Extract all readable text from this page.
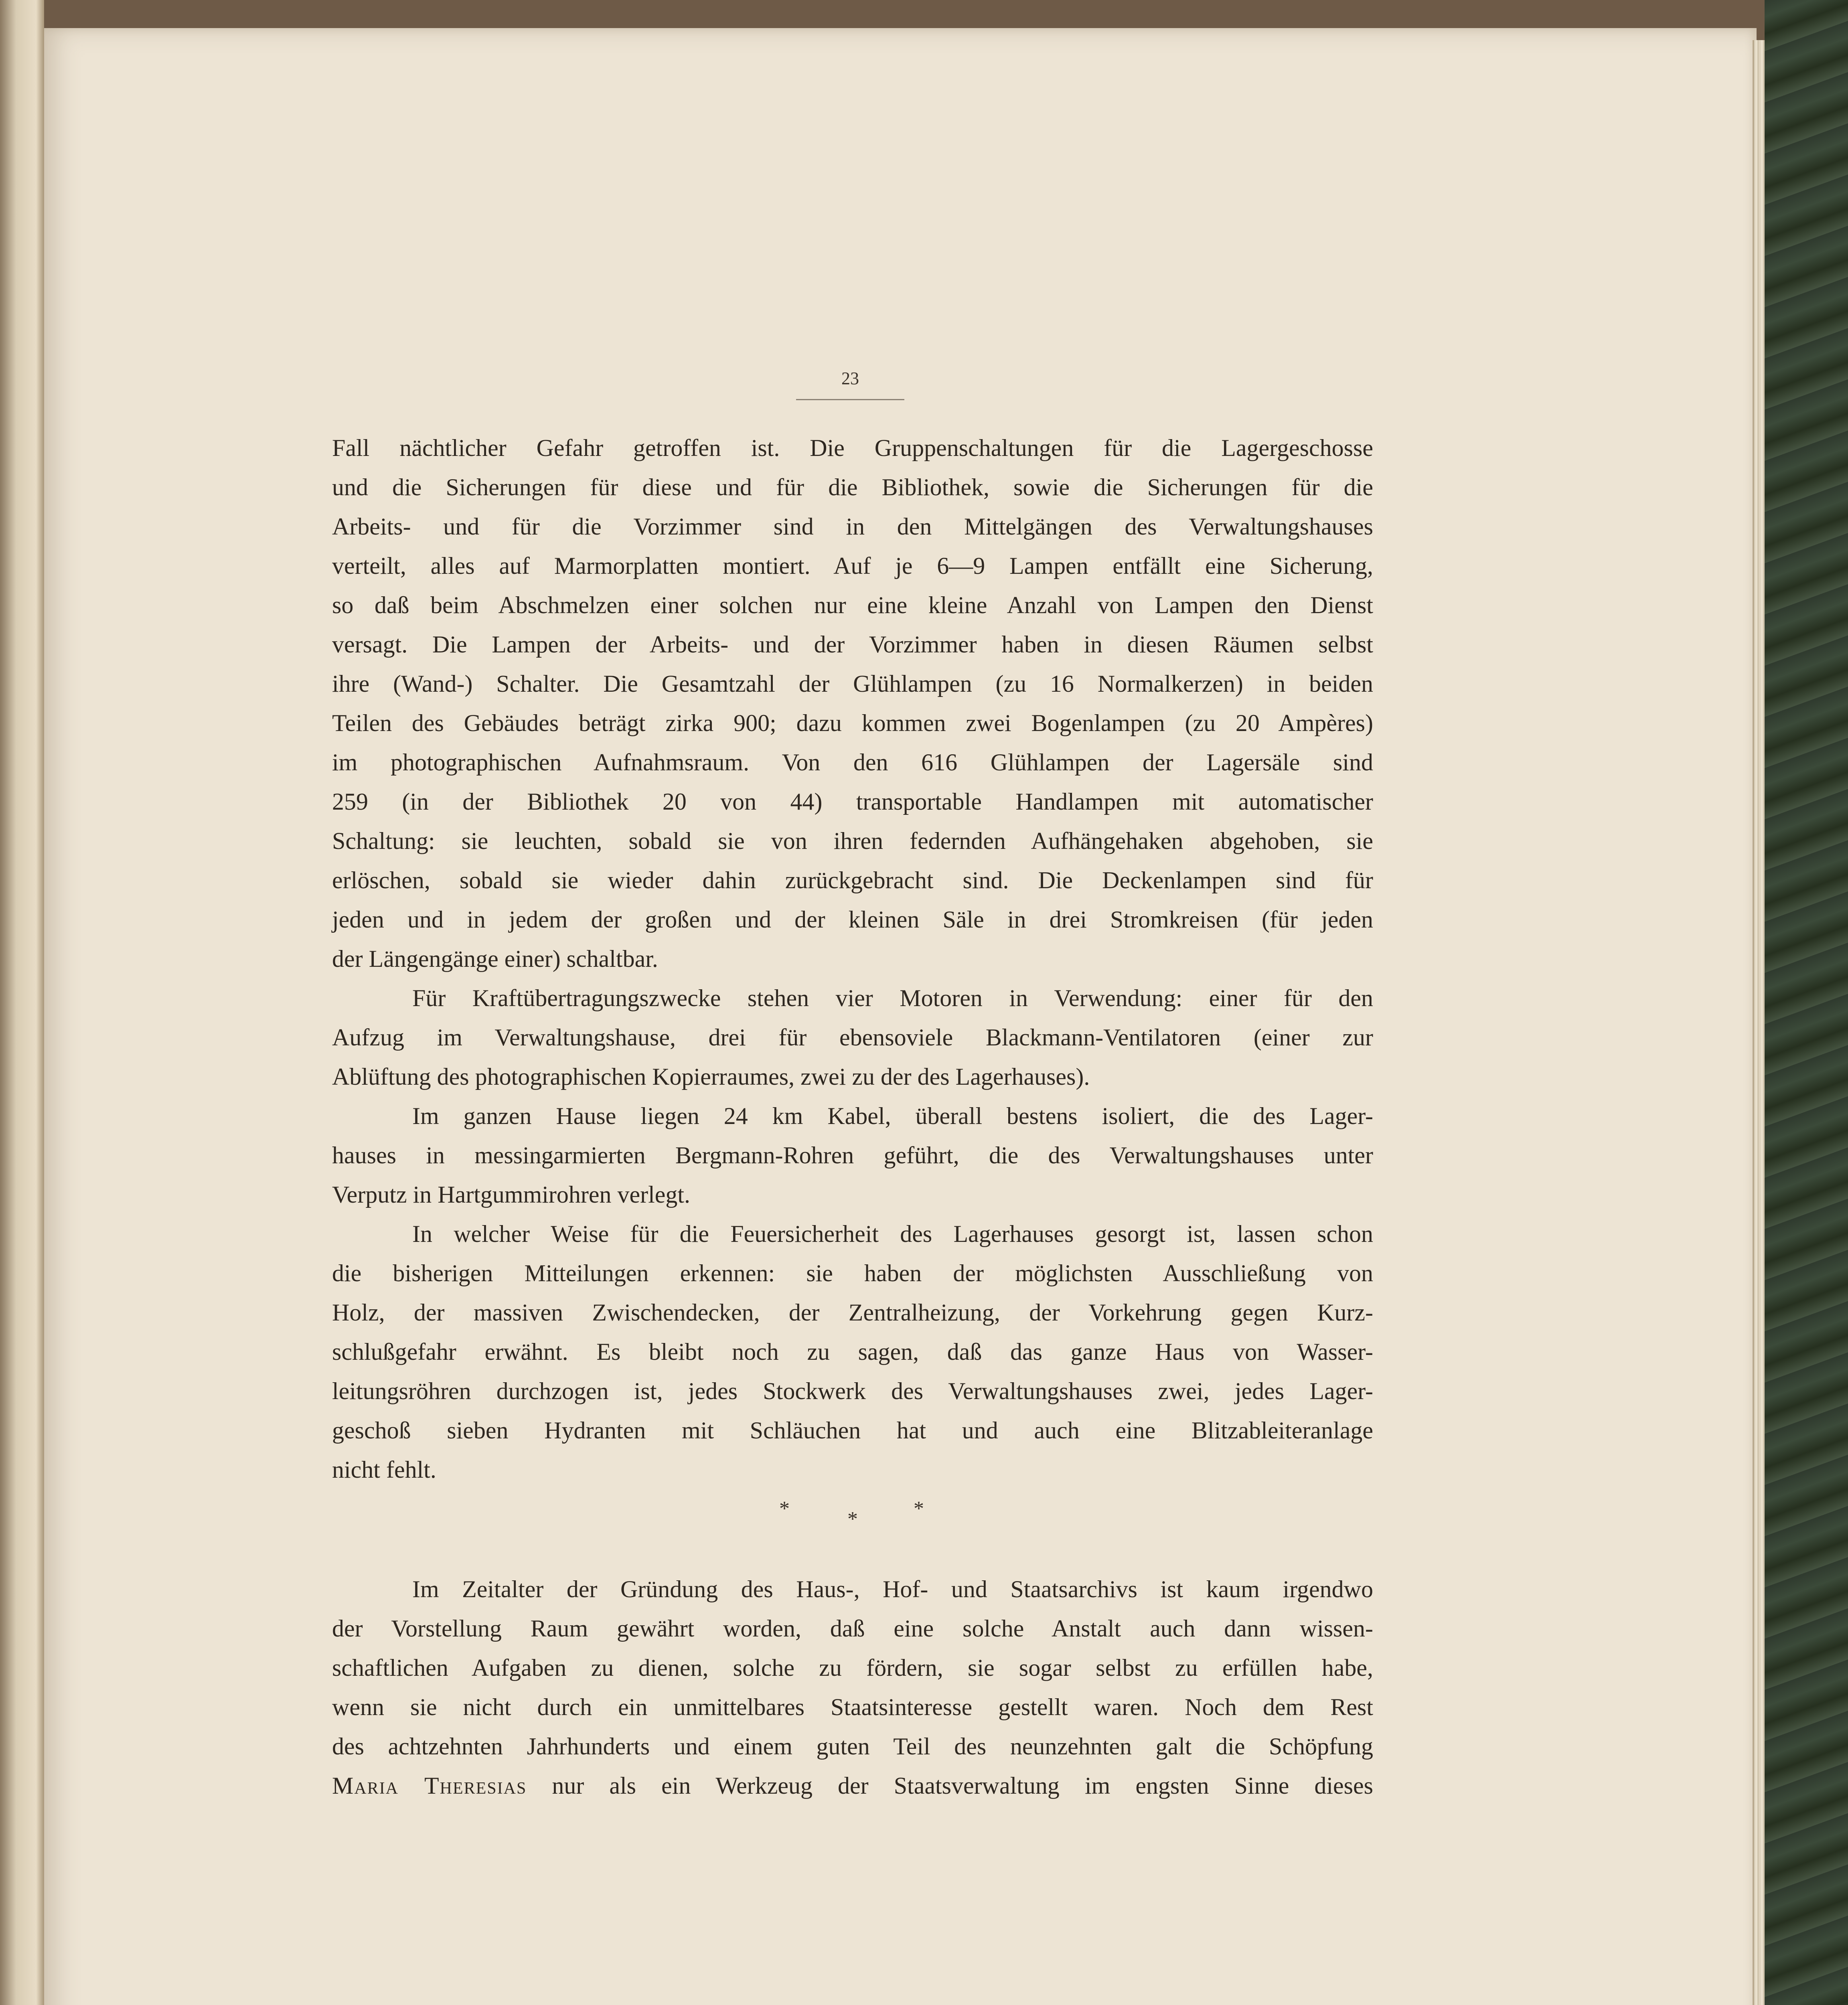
23
Fall nächtlicher Gefahr getroffen ist. Die Gruppenschaltungen für die Lagergeschosse
und die Sicherungen für diese und für die Bibliothek, sowie die Sicherungen für die
Arbeits- und für die Vorzimmer sind in den Mittelgängen des Verwaltungshauses
verteilt, alles auf Marmorplatten montiert. Auf je 6—9 Lampen entfällt eine Sicherung,
so daß beim Abschmelzen einer solchen nur eine kleine Anzahl von Lampen den Dienst
versagt. Die Lampen der Arbeits- und der Vorzimmer haben in diesen Räumen selbst
ihre (Wand-) Schalter. Die Gesamtzahl der Glühlampen (zu 16 Normalkerzen) in beiden
Teilen des Gebäudes beträgt zirka 900; dazu kommen zwei Bogenlampen (zu 20 Ampères)
im photographischen Aufnahmsraum. Von den 616 Glühlampen der Lagersäle sind
259 (in der Bibliothek 20 von 44) transportable Handlampen mit automatischer
Schaltung: sie leuchten, sobald sie von ihren federnden Aufhängehaken abgehoben, sie
erlöschen, sobald sie wieder dahin zurückgebracht sind. Die Deckenlampen sind für
jeden und in jedem der großen und der kleinen Säle in drei Stromkreisen (für jeden
der Längengänge einer) schaltbar.
Für Kraftübertragungszwecke stehen vier Motoren in Verwendung: einer für den
Aufzug im Verwaltungshause, drei für ebensoviele Blackmann-Ventilatoren (einer zur
Ablüftung des photographischen Kopierraumes, zwei zu der des Lagerhauses).
Im ganzen Hause liegen 24 km Kabel, überall bestens isoliert, die des Lager-
hauses in messingarmierten Bergmann-Rohren geführt, die des Verwaltungshauses unter
Verputz in Hartgummirohren verlegt.
In welcher Weise für die Feuersicherheit des Lagerhauses gesorgt ist, lassen schon
die bisherigen Mitteilungen erkennen: sie haben der möglichsten Ausschließung von
Holz, der massiven Zwischendecken, der Zentralheizung, der Vorkehrung gegen Kurz-
schlußgefahr erwähnt. Es bleibt noch zu sagen, daß das ganze Haus von Wasser-
leitungsröhren durchzogen ist, jedes Stockwerk des Verwaltungshauses zwei, jedes Lager-
geschoß sieben Hydranten mit Schläuchen hat und auch eine Blitzableiteranlage
nicht fehlt.
*	*	*
Im Zeitalter der Gründung des Haus-, Hof- und Staatsarchivs ist kaum irgendwo
der Vorstellung Raum gewährt worden, daß eine solche Anstalt auch dann wissen-
schaftlichen Aufgaben zu dienen, solche zu fördern, sie sogar selbst zu erfüllen habe,
wenn sie nicht durch ein unmittelbares Staatsinteresse gestellt waren. Noch dem Rest
des achtzehnten Jahrhunderts und einem guten Teil des neunzehnten galt die Schöpfung
Maria Theresias nur als ein Werkzeug der Staatsverwaltung im engsten Sinne dieses
